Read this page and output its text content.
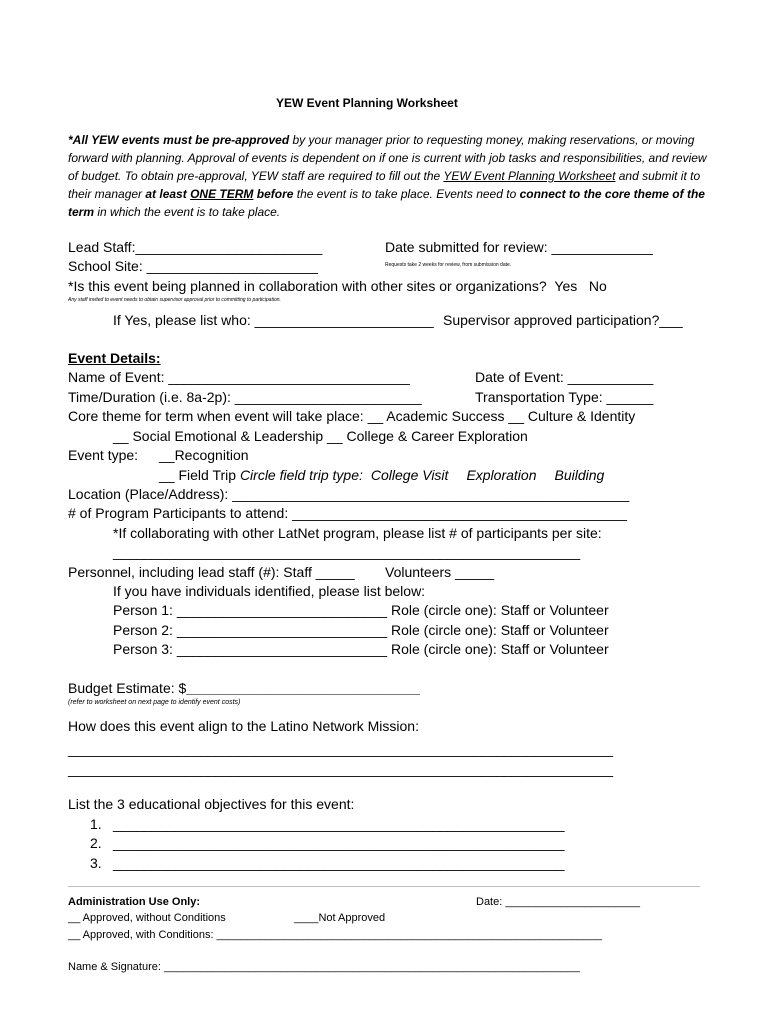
YEW Event Planning Worksheet
*All YEW events must be pre-approved by your manager prior to requesting money, making reservations, or moving forward with planning. Approval of events is dependent on if one is current with job tasks and responsibilities, and review of budget. To obtain pre-approval, YEW staff are required to fill out the YEW Event Planning Worksheet and submit it to their manager at least ONE TERM before the event is to take place. Events need to connect to the core theme of the term in which the event is to take place.
Lead Staff:________________________	Date submitted for review: _____________
School Site: ______________________	Requests take 2 weeks for review, from submission date.
*Is this event being planned in collaboration with other sites or organizations? Yes No
Any staff invited to event needs to obtain supervisor approval prior to committing to participation.
If Yes, please list who: _______________________ Supervisor approved participation?___
Event Details:
Name of Event: _______________________________	Date of Event: ___________
Time/Duration (i.e. 8a-2p): ________________________	Transportation Type: ______
Core theme for term when event will take place: __ Academic Success __ Culture & Identity
__ Social Emotional & Leadership __ College & Career Exploration
Event type: __Recognition
__ Field Trip Circle field trip type: College Visit Exploration Building
Location (Place/Address): ___________________________________________________
# of Program Participants to attend: ___________________________________________
*If collaborating with other LatNet program, please list # of participants per site:
____________________________________________________________
Personnel, including lead staff (#): Staff _____ Volunteers _____
If you have individuals identified, please list below:
Person 1: ___________________________ Role (circle one): Staff or Volunteer
Person 2: ___________________________ Role (circle one): Staff or Volunteer
Person 3: ___________________________ Role (circle one): Staff or Volunteer
Budget Estimate: $______________________________
(refer to worksheet on next page to identify event costs)
How does this event align to the Latino Network Mission:
______________________________________________________________________
______________________________________________________________________
List the 3 educational objectives for this event:
1. __________________________________________________________
2. __________________________________________________________
3. __________________________________________________________
Administration Use Only:	Date: ______________________
__ Approved, without Conditions	____Not Approved
__ Approved, with Conditions: _______________________________________________________________
Name & Signature: ____________________________________________________________________
